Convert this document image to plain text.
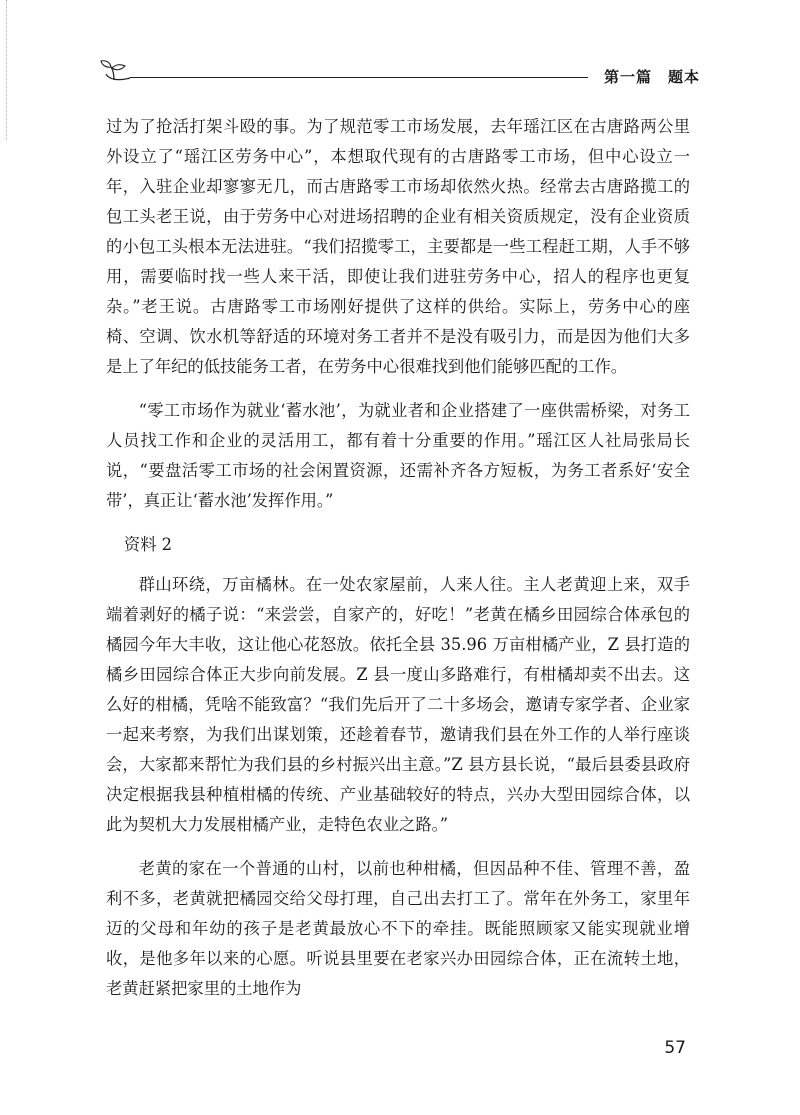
第一篇　题本

过为了抢活打架斗殴的事。为了规范零工市场发展，去年瑶江区在古唐路两公里外设立了“瑶江区劳务中心”，本想取代现有的古唐路零工市场，但中心设立一年，入驻企业却寥寥无几，而古唐路零工市场却依然火热。经常去古唐路揽工的包工头老王说，由于劳务中心对进场招聘的企业有相关资质规定，没有企业资质的小包工头根本无法进驻。“我们招揽零工，主要都是一些工程赶工期，人手不够用，需要临时找一些人来干活，即使让我们进驻劳务中心，招人的程序也更复杂。”老王说。古唐路零工市场刚好提供了这样的供给。实际上，劳务中心的座椅、空调、饮水机等舒适的环境对务工者并不是没有吸引力，而是因为他们大多是上了年纪的低技能务工者，在劳务中心很难找到他们能够匹配的工作。

“零工市场作为就业‘蓄水池’，为就业者和企业搭建了一座供需桥梁，对务工人员找工作和企业的灵活用工，都有着十分重要的作用。”瑶江区人社局张局长说，“要盘活零工市场的社会闲置资源，还需补齐各方短板，为务工者系好‘安全带’，真正让‘蓄水池’发挥作用。”

资料 2

群山环绕，万亩橘林。在一处农家屋前，人来人往。主人老黄迎上来，双手端着剥好的橘子说：“来尝尝，自家产的，好吃！”老黄在橘乡田园综合体承包的橘园今年大丰收，这让他心花怒放。依托全县 35.96 万亩柑橘产业，Z 县打造的橘乡田园综合体正大步向前发展。Z 县一度山多路难行，有柑橘却卖不出去。这么好的柑橘，凭啥不能致富？“我们先后开了二十多场会，邀请专家学者、企业家一起来考察，为我们出谋划策，还趁着春节，邀请我们县在外工作的人举行座谈会，大家都来帮忙为我们县的乡村振兴出主意。”Z 县方县长说，“最后县委县政府决定根据我县种植柑橘的传统、产业基础较好的特点，兴办大型田园综合体，以此为契机大力发展柑橘产业，走特色农业之路。”

老黄的家在一个普通的山村，以前也种柑橘，但因品种不佳、管理不善，盈利不多，老黄就把橘园交给父母打理，自己出去打工了。常年在外务工，家里年迈的父母和年幼的孩子是老黄最放心不下的牵挂。既能照顾家又能实现就业增收，是他多年以来的心愿。听说县里要在老家兴办田园综合体，正在流转土地，老黄赶紧把家里的土地作为

57
